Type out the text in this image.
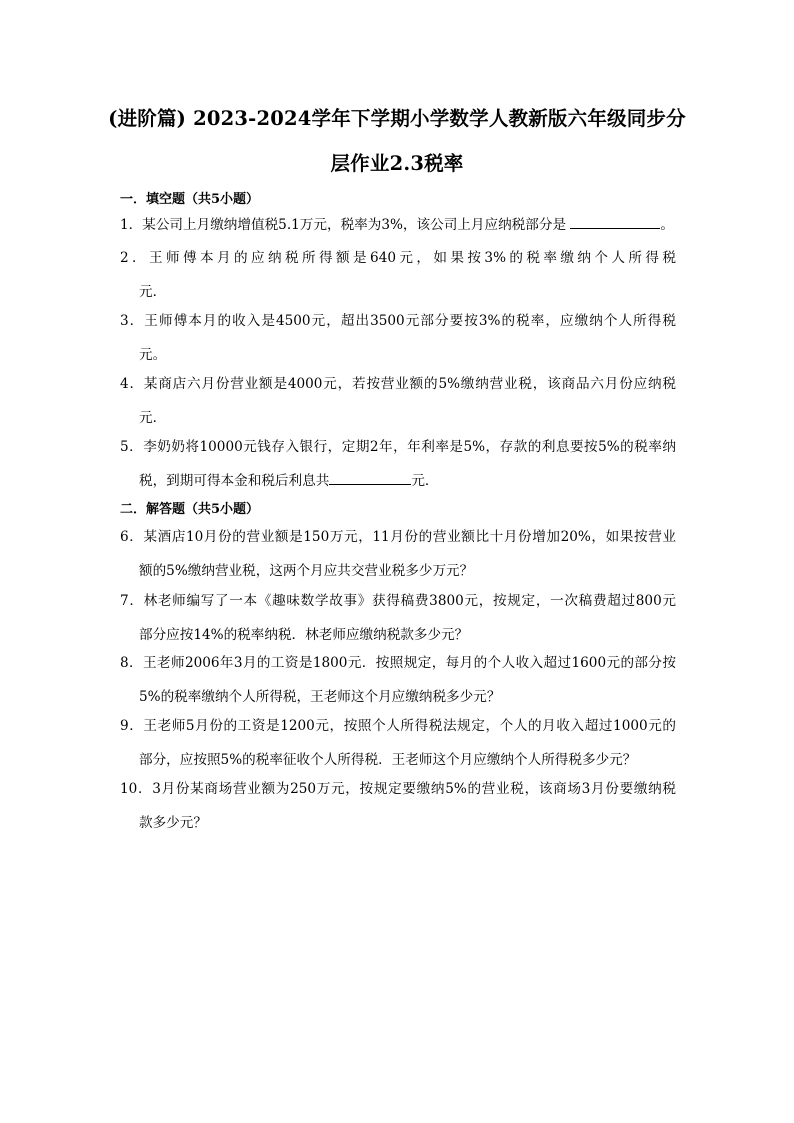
(进阶篇) 2023-2024学年下学期小学数学人教新版六年级同步分
层作业2.3税率
一．填空题（共5小题）
1．某公司上月缴纳增值税5.1万元，税率为3%，该公司上月应纳税部分是	。
2．王师傅本月的应纳税所得额是640元，如果按3%的税率缴纳个人所得税
元．
3．王师傅本月的收入是4500元，超出3500元部分要按3%的税率，应缴纳个人所得税
元。
4．某商店六月份营业额是4000元，若按营业额的5%缴纳营业税，该商品六月份应纳税
元．
5．李奶奶将10000元钱存入银行，定期2年，年利率是5%，存款的利息要按5%的税率纳
税，到期可得本金和税后利息共	元．
二．解答题（共5小题）
6．某酒店10月份的营业额是150万元，11月份的营业额比十月份增加20%，如果按营业
额的5%缴纳营业税，这两个月应共交营业税多少万元？
7．林老师编写了一本《趣味数学故事》获得稿费3800元，按规定，一次稿费超过800元
部分应按14%的税率纳税．林老师应缴纳税款多少元？
8．王老师2006年3月的工资是1800元．按照规定，每月的个人收入超过1600元的部分按
5%的税率缴纳个人所得税，王老师这个月应缴纳税多少元？
9．王老师5月份的工资是1200元，按照个人所得税法规定，个人的月收入超过1000元的
部分，应按照5%的税率征收个人所得税．王老师这个月应缴纳个人所得税多少元？
10．3月份某商场营业额为250万元，按规定要缴纳5%的营业税，该商场3月份要缴纳税
款多少元？
